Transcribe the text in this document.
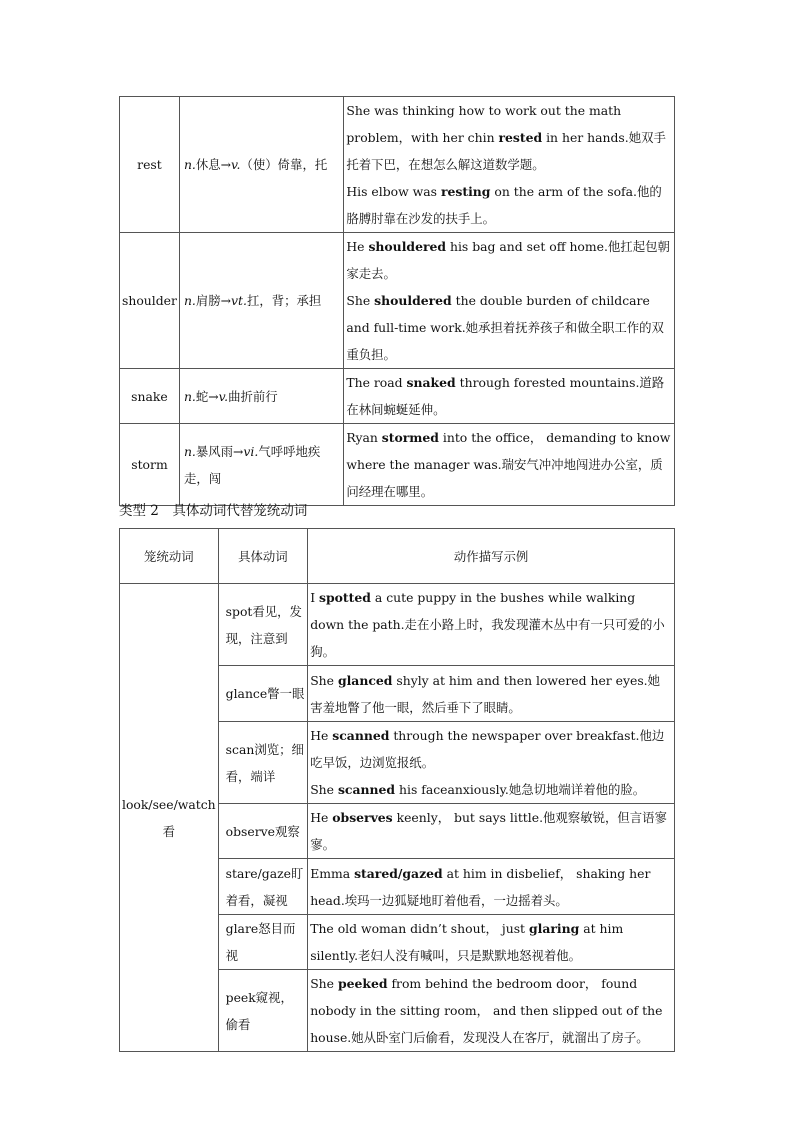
rest	n.休息→v.（使）倚靠，托	She was thinking how to work out the math problem，with her chin rested in her hands.她双手托着下巴，在想怎么解这道数学题。
His elbow was resting on the arm of the sofa.他的胳膊肘靠在沙发的扶手上。

shoulder	n.肩膀→vt.扛，背；承担	He shouldered his bag and set off home.他扛起包朝家走去。
She shouldered the double burden of childcare and full-time work.她承担着抚养孩子和做全职工作的双重负担。

snake	n.蛇→v.曲折前行	The road snaked through forested mountains.道路在林间蜿蜒延伸。

storm	n.暴风雨→vi.气呼呼地疾走，闯	Ryan stormed into the office， demanding to know where the manager was.瑞安气冲冲地闯进办公室，质问经理在哪里。
类型 2　具体动词代替笼统动词
笼统动词	具体动词	动作描写示例
look/see/watch看	spot看见，发现，注意到	I spotted a cute puppy in the bushes while walking down the path.走在小路上时，我发现灌木丛中有一只可爱的小狗。

	glance瞥一眼	She glanced shyly at him and then lowered her eyes.她害羞地瞥了他一眼，然后垂下了眼睛。

	scan浏览；细看，端详	He scanned through the newspaper over breakfast.他边吃早饭，边浏览报纸。
She scanned his faceanxiously.她急切地端详着他的脸。

	observe观察	He observes keenly， but says little.他观察敏锐，但言语寥寥。

	stare/gaze盯着看，凝视	Emma stared/gazed at him in disbelief， shaking her head.埃玛一边狐疑地盯着他看，一边摇着头。

	glare怒目而视	The old woman didn’t shout， just glaring at him silently.老妇人没有喊叫，只是默默地怒视着他。

	peek窥视，偷看	She peeked from behind the bedroom door， found nobody in the sitting room， and then slipped out of the house.她从卧室门后偷看，发现没人在客厅，就溜出了房子。
